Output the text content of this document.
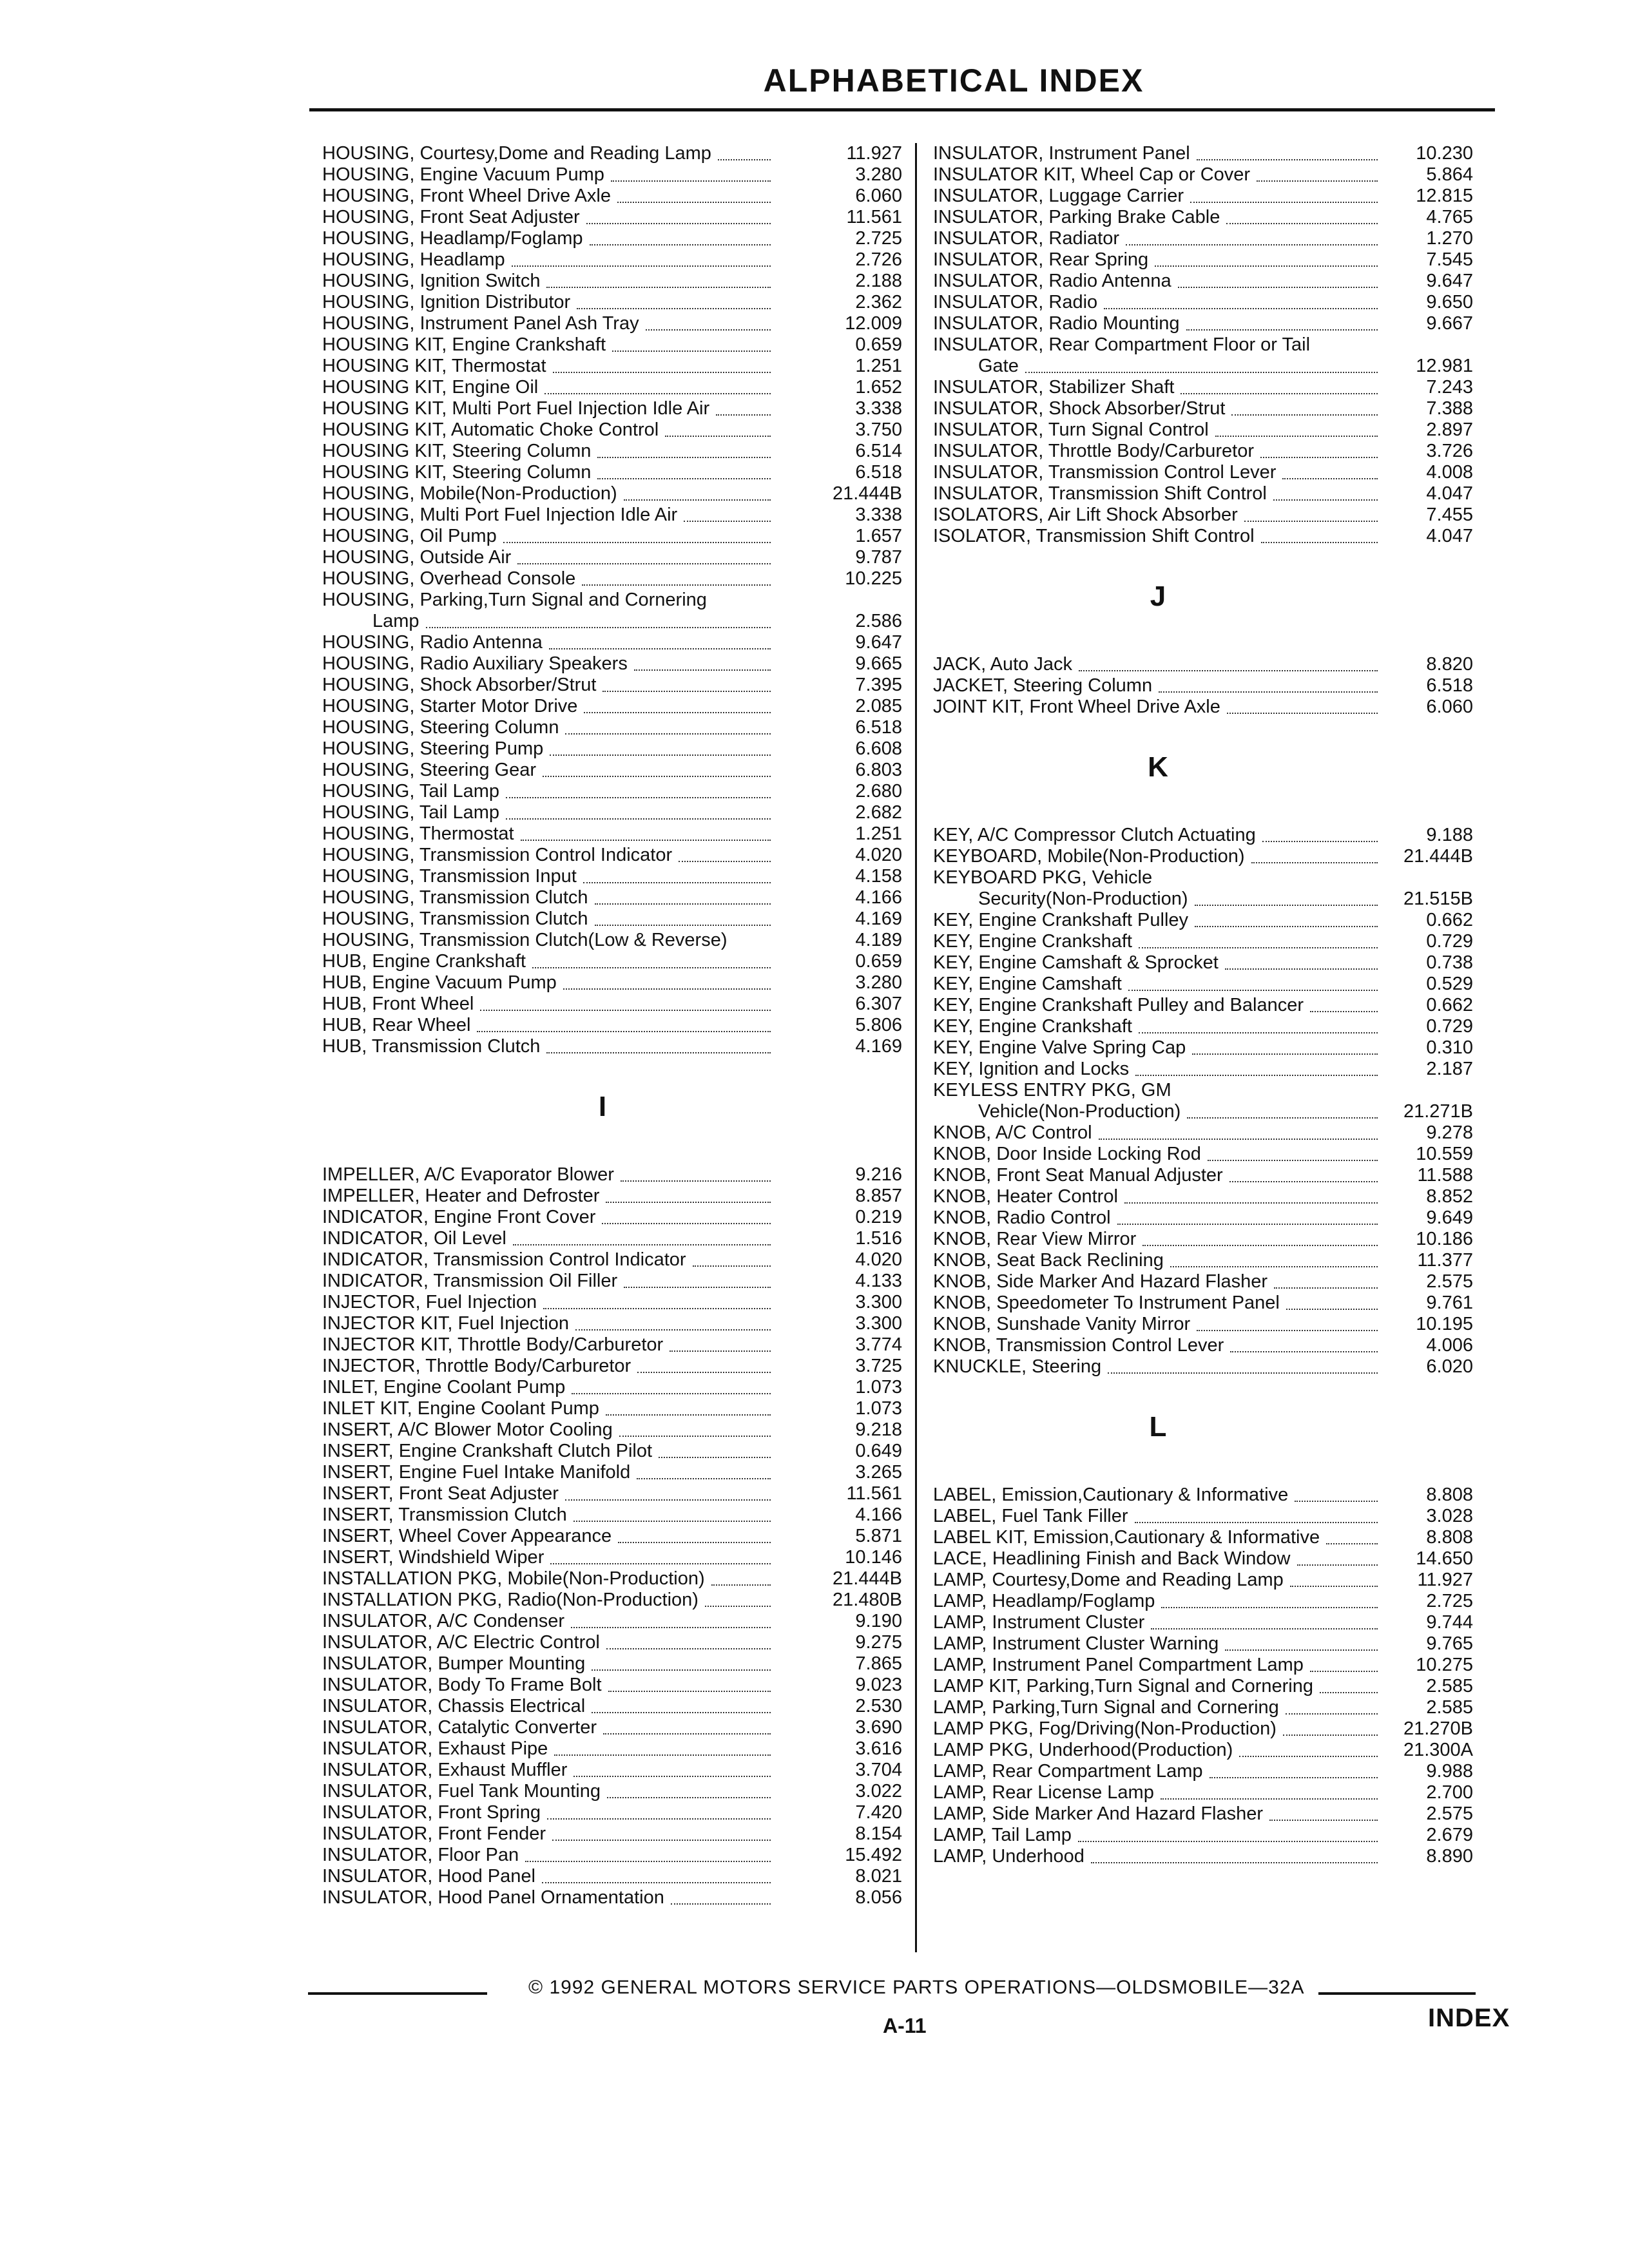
ALPHABETICAL INDEX
HOUSING, Courtesy,Dome and Reading Lamp	11.927
HOUSING, Engine Vacuum Pump	3.280
HOUSING, Front Wheel Drive Axle	6.060
HOUSING, Front Seat Adjuster	11.561
HOUSING, Headlamp/Foglamp	2.725
HOUSING, Headlamp	2.726
HOUSING, Ignition Switch	2.188
HOUSING, Ignition Distributor	2.362
HOUSING, Instrument Panel Ash Tray	12.009
HOUSING KIT, Engine Crankshaft	0.659
HOUSING KIT, Thermostat	1.251
HOUSING KIT, Engine Oil	1.652
HOUSING KIT, Multi Port Fuel Injection Idle Air	3.338
HOUSING KIT, Automatic Choke Control	3.750
HOUSING KIT, Steering Column	6.514
HOUSING KIT, Steering Column	6.518
HOUSING, Mobile(Non-Production)	21.444B
HOUSING, Multi Port Fuel Injection Idle Air	3.338
HOUSING, Oil Pump	1.657
HOUSING, Outside Air	9.787
HOUSING, Overhead Console	10.225
HOUSING, Parking,Turn Signal and Cornering
Lamp	2.586
HOUSING, Radio Antenna	9.647
HOUSING, Radio Auxiliary Speakers	9.665
HOUSING, Shock Absorber/Strut	7.395
HOUSING, Starter Motor Drive	2.085
HOUSING, Steering Column	6.518
HOUSING, Steering Pump	6.608
HOUSING, Steering Gear	6.803
HOUSING, Tail Lamp	2.680
HOUSING, Tail Lamp	2.682
HOUSING, Thermostat	1.251
HOUSING, Transmission Control Indicator	4.020
HOUSING, Transmission Input	4.158
HOUSING, Transmission Clutch	4.166
HOUSING, Transmission Clutch	4.169
HOUSING, Transmission Clutch(Low & Reverse)	4.189
HUB, Engine Crankshaft	0.659
HUB, Engine Vacuum Pump	3.280
HUB, Front Wheel	6.307
HUB, Rear Wheel	5.806
HUB, Transmission Clutch	4.169
I
IMPELLER, A/C Evaporator Blower	9.216
IMPELLER, Heater and Defroster	8.857
INDICATOR, Engine Front Cover	0.219
INDICATOR, Oil Level	1.516
INDICATOR, Transmission Control Indicator	4.020
INDICATOR, Transmission Oil Filler	4.133
INJECTOR, Fuel Injection	3.300
INJECTOR KIT, Fuel Injection	3.300
INJECTOR KIT, Throttle Body/Carburetor	3.774
INJECTOR, Throttle Body/Carburetor	3.725
INLET, Engine Coolant Pump	1.073
INLET KIT, Engine Coolant Pump	1.073
INSERT, A/C Blower Motor Cooling	9.218
INSERT, Engine Crankshaft Clutch Pilot	0.649
INSERT, Engine Fuel Intake Manifold	3.265
INSERT, Front Seat Adjuster	11.561
INSERT, Transmission Clutch	4.166
INSERT, Wheel Cover Appearance	5.871
INSERT, Windshield Wiper	10.146
INSTALLATION PKG, Mobile(Non-Production)	21.444B
INSTALLATION PKG, Radio(Non-Production)	21.480B
INSULATOR, A/C Condenser	9.190
INSULATOR, A/C Electric Control	9.275
INSULATOR, Bumper Mounting	7.865
INSULATOR, Body To Frame Bolt	9.023
INSULATOR, Chassis Electrical	2.530
INSULATOR, Catalytic Converter	3.690
INSULATOR, Exhaust Pipe	3.616
INSULATOR, Exhaust Muffler	3.704
INSULATOR, Fuel Tank Mounting	3.022
INSULATOR, Front Spring	7.420
INSULATOR, Front Fender	8.154
INSULATOR, Floor Pan	15.492
INSULATOR, Hood Panel	8.021
INSULATOR, Hood Panel Ornamentation	8.056
INSULATOR, Instrument Panel	10.230
INSULATOR KIT, Wheel Cap or Cover	5.864
INSULATOR, Luggage Carrier	12.815
INSULATOR, Parking Brake Cable	4.765
INSULATOR, Radiator	1.270
INSULATOR, Rear Spring	7.545
INSULATOR, Radio Antenna	9.647
INSULATOR, Radio	9.650
INSULATOR, Radio Mounting	9.667
INSULATOR, Rear Compartment Floor or Tail
Gate	12.981
INSULATOR, Stabilizer Shaft	7.243
INSULATOR, Shock Absorber/Strut	7.388
INSULATOR, Turn Signal Control	2.897
INSULATOR, Throttle Body/Carburetor	3.726
INSULATOR, Transmission Control Lever	4.008
INSULATOR, Transmission Shift Control	4.047
ISOLATORS, Air Lift Shock Absorber	7.455
ISOLATOR, Transmission Shift Control	4.047
J
JACK, Auto Jack	8.820
JACKET, Steering Column	6.518
JOINT KIT, Front Wheel Drive Axle	6.060
K
KEY, A/C Compressor Clutch Actuating	9.188
KEYBOARD, Mobile(Non-Production)	21.444B
KEYBOARD PKG, Vehicle
Security(Non-Production)	21.515B
KEY, Engine Crankshaft Pulley	0.662
KEY, Engine Crankshaft	0.729
KEY, Engine Camshaft & Sprocket	0.738
KEY, Engine Camshaft	0.529
KEY, Engine Crankshaft Pulley and Balancer	0.662
KEY, Engine Crankshaft	0.729
KEY, Engine Valve Spring Cap	0.310
KEY, Ignition and Locks	2.187
KEYLESS ENTRY PKG, GM
Vehicle(Non-Production)	21.271B
KNOB, A/C Control	9.278
KNOB, Door Inside Locking Rod	10.559
KNOB, Front Seat Manual Adjuster	11.588
KNOB, Heater Control	8.852
KNOB, Radio Control	9.649
KNOB, Rear View Mirror	10.186
KNOB, Seat Back Reclining	11.377
KNOB, Side Marker And Hazard Flasher	2.575
KNOB, Speedometer To Instrument Panel	9.761
KNOB, Sunshade Vanity Mirror	10.195
KNOB, Transmission Control Lever	4.006
KNUCKLE, Steering	6.020
L
LABEL, Emission,Cautionary & Informative	8.808
LABEL, Fuel Tank Filler	3.028
LABEL KIT, Emission,Cautionary & Informative	8.808
LACE, Headlining Finish and Back Window	14.650
LAMP, Courtesy,Dome and Reading Lamp	11.927
LAMP, Headlamp/Foglamp	2.725
LAMP, Instrument Cluster	9.744
LAMP, Instrument Cluster Warning	9.765
LAMP, Instrument Panel Compartment Lamp	10.275
LAMP KIT, Parking,Turn Signal and Cornering	2.585
LAMP, Parking,Turn Signal and Cornering	2.585
LAMP PKG, Fog/Driving(Non-Production)	21.270B
LAMP PKG, Underhood(Production)	21.300A
LAMP, Rear Compartment Lamp	9.988
LAMP, Rear License Lamp	2.700
LAMP, Side Marker And Hazard Flasher	2.575
LAMP, Tail Lamp	2.679
LAMP, Underhood	8.890
© 1992 GENERAL MOTORS SERVICE PARTS OPERATIONS—OLDSMOBILE—32A
A-11	INDEX
